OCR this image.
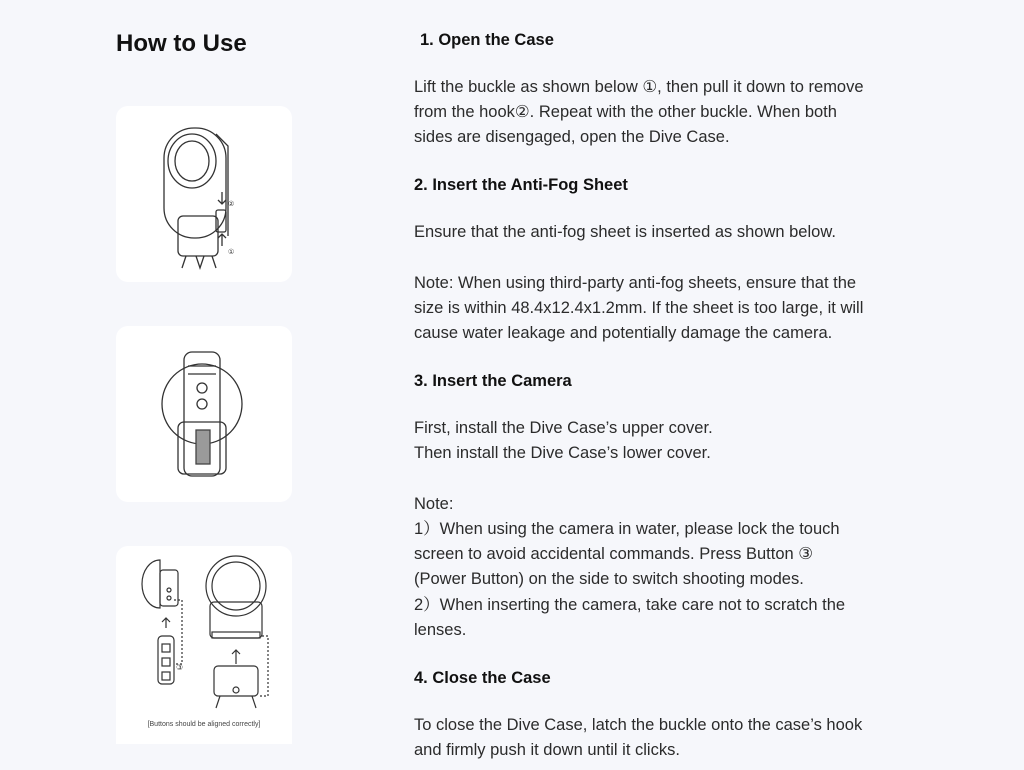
How to Use
②
①
③
[Buttons should be aligned correctly]
1. Open the Case
Lift the buckle as shown below ①, then pull it down to remove
from the hook②. Repeat with the other buckle. When both
sides are disengaged, open the Dive Case.
2. Insert the Anti-Fog Sheet
Ensure that the anti-fog sheet is inserted as shown below.
Note: When using third-party anti-fog sheets, ensure that the
size is within 48.4x12.4x1.2mm. If the sheet is too large, it will
cause water leakage and potentially damage the camera.
3. Insert the Camera
First, install the Dive Case’s upper cover.
Then install the Dive Case’s lower cover.
Note:
1）When using the camera in water, please lock the touch
screen to avoid accidental commands. Press Button ③
(Power Button) on the side to switch shooting modes.
2）When inserting the camera, take care not to scratch the
lenses.
4. Close the Case
To close the Dive Case, latch the buckle onto the case’s hook
and firmly push it down until it clicks.
